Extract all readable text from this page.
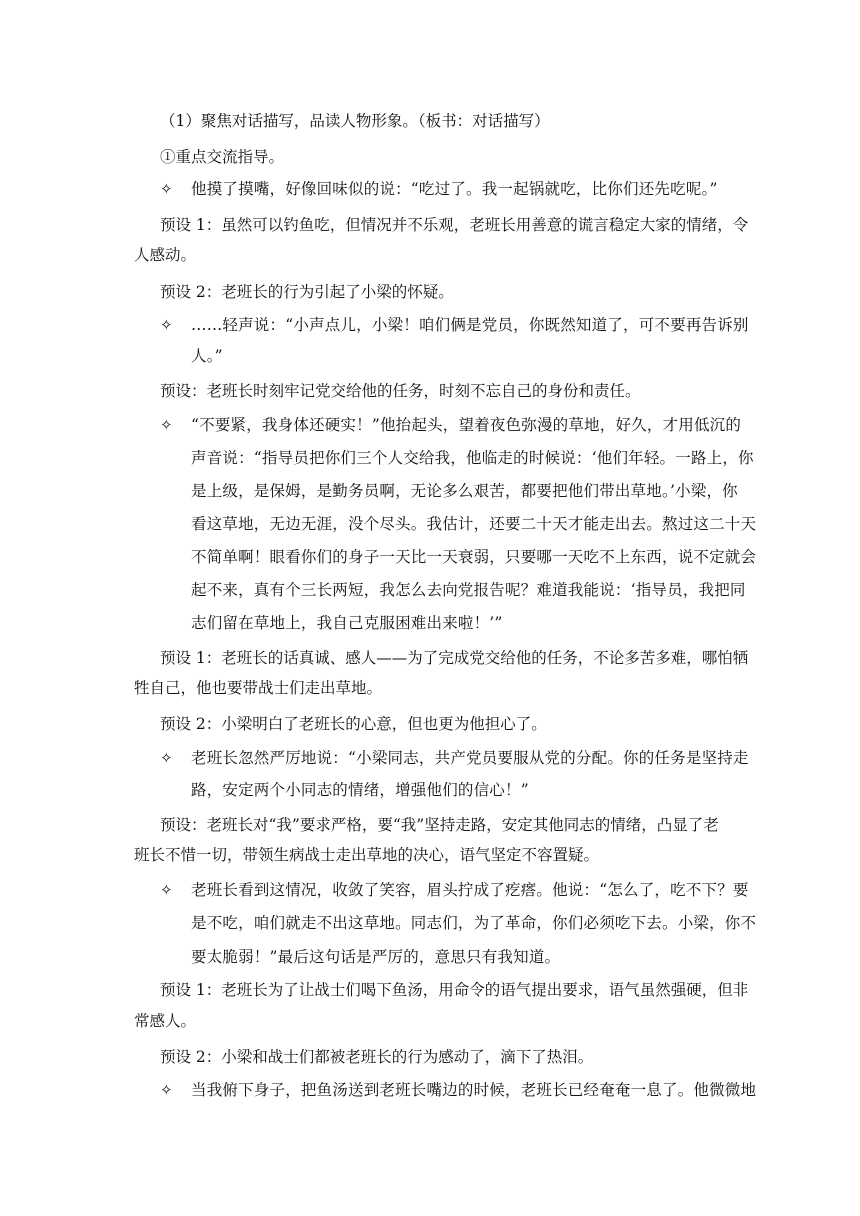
（1）聚焦对话描写，品读人物形象。（板书：对话描写）
①重点交流指导。
✧ 他摸了摸嘴，好像回味似的说：“吃过了。我一起锅就吃，比你们还先吃呢。”
预设 1：虽然可以钓鱼吃，但情况并不乐观，老班长用善意的谎言稳定大家的情绪，令
人感动。
预设 2：老班长的行为引起了小梁的怀疑。
✧ ……轻声说：“小声点儿，小梁！咱们俩是党员，你既然知道了，可不要再告诉别
人。”
预设：老班长时刻牢记党交给他的任务，时刻不忘自己的身份和责任。
✧ “不要紧，我身体还硬实！”他抬起头，望着夜色弥漫的草地，好久，才用低沉的
声音说：“指导员把你们三个人交给我，他临走的时候说：‘他们年轻。一路上，你
是上级，是保姆，是勤务员啊，无论多么艰苦，都要把他们带出草地。’小梁，你
看这草地，无边无涯，没个尽头。我估计，还要二十天才能走出去。熬过这二十天
不简单啊！眼看你们的身子一天比一天衰弱，只要哪一天吃不上东西，说不定就会
起不来，真有个三长两短，我怎么去向党报告呢？难道我能说：‘指导员，我把同
志们留在草地上，我自己克服困难出来啦！’”
预设 1：老班长的话真诚、感人——为了完成党交给他的任务，不论多苦多难，哪怕牺
牲自己，他也要带战士们走出草地。
预设 2：小梁明白了老班长的心意，但也更为他担心了。
✧ 老班长忽然严厉地说：“小梁同志，共产党员要服从党的分配。你的任务是坚持走
路，安定两个小同志的情绪，增强他们的信心！”
预设：老班长对“我”要求严格，要“我”坚持走路，安定其他同志的情绪，凸显了老
班长不惜一切，带领生病战士走出草地的决心，语气坚定不容置疑。
✧ 老班长看到这情况，收敛了笑容，眉头拧成了疙瘩。他说：“怎么了，吃不下？要
是不吃，咱们就走不出这草地。同志们，为了革命，你们必须吃下去。小梁，你不
要太脆弱！”最后这句话是严厉的，意思只有我知道。
预设 1：老班长为了让战士们喝下鱼汤，用命令的语气提出要求，语气虽然强硬，但非
常感人。
预设 2：小梁和战士们都被老班长的行为感动了，滴下了热泪。
✧ 当我俯下身子，把鱼汤送到老班长嘴边的时候，老班长已经奄奄一息了。他微微地
